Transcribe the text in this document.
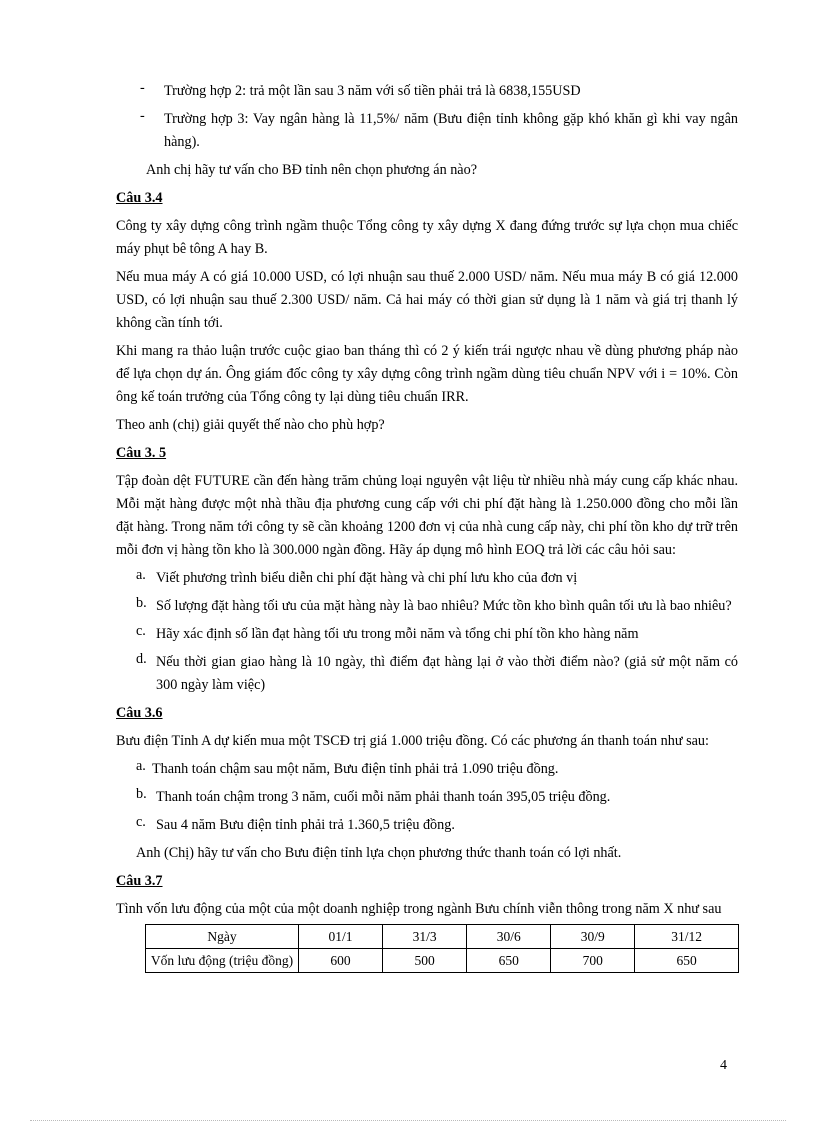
- Trường hợp 2: trả một lần sau 3 năm với số tiền phải trả là 6838,155USD

- Trường hợp 3: Vay ngân hàng là 11,5%/ năm (Bưu điện tỉnh không gặp khó khăn gì khi vay ngân hàng).

Anh chị hãy tư vấn cho BĐ tỉnh nên chọn phương án nào?

Câu 3.4

Công ty xây dựng công trình ngầm thuộc Tổng công ty xây dựng X đang đứng trước sự lựa chọn mua chiếc máy phụt bê tông A hay B.

Nếu mua máy A có giá 10.000 USD, có lợi nhuận sau thuế 2.000 USD/ năm. Nếu mua máy B có giá 12.000 USD, có lợi nhuận sau thuế 2.300 USD/ năm. Cả hai máy có thời gian sử dụng là 1 năm và giá trị thanh lý không cần tính tới.

Khi mang ra thảo luận trước cuộc giao ban tháng thì có 2 ý kiến trái ngược nhau về dùng phương pháp nào để lựa chọn dự án. Ông giám đốc công ty xây dựng công trình ngầm dùng tiêu chuẩn NPV với i = 10%. Còn ông kế toán trưởng của Tổng công ty lại dùng tiêu chuẩn IRR.

Theo anh (chị) giải quyết thế nào cho phù hợp?

Câu 3. 5

Tập đoàn dệt FUTURE cần đến hàng trăm chủng loại nguyên vật liệu từ nhiều nhà máy cung cấp khác nhau. Mỗi mặt hàng được một nhà thầu địa phương cung cấp với chi phí đặt hàng là 1.250.000 đồng cho mỗi lần đặt hàng. Trong năm tới công ty sẽ cần khoảng 1200 đơn vị của nhà cung cấp này, chi phí tồn kho dự trữ trên mỗi đơn vị hàng tồn kho là 300.000 ngàn đồng. Hãy áp dụng mô hình EOQ trả lời các câu hỏi sau:

a. Viết phương trình biểu diễn chi phí đặt hàng và chi phí lưu kho của đơn vị

b. Số lượng đặt hàng tối ưu của mặt hàng này là bao nhiêu? Mức tồn kho bình quân tối ưu là bao nhiêu?

c. Hãy xác định số lần đạt hàng tối ưu trong mỗi năm và tổng chi phí tồn kho hàng năm

d. Nếu thời gian giao hàng là 10 ngày, thì điểm đạt hàng lại ở vào thời điểm nào? (giả sử một năm có 300 ngày làm việc)

Câu 3.6

Bưu điện Tỉnh A dự kiến mua một TSCĐ trị giá 1.000 triệu đồng. Có các phương án thanh toán như sau:

a. Thanh toán chậm sau một năm, Bưu điện tỉnh phải trả 1.090 triệu đồng.

b. Thanh toán chậm trong 3 năm, cuối mỗi năm phải thanh toán 395,05 triệu đồng.

c. Sau 4 năm Bưu điện tỉnh phải trả 1.360,5 triệu đồng.

Anh (Chị) hãy tư vấn cho Bưu điện tỉnh lựa chọn phương thức thanh toán có lợi nhất.

Câu 3.7

Tình vốn lưu động của một của một doanh nghiệp trong ngành Bưu chính viễn thông trong năm X như sau

Ngày	01/1	31/3	30/6	30/9	31/12
Vốn lưu động (triệu đồng)	600	500	650	700	650
4
